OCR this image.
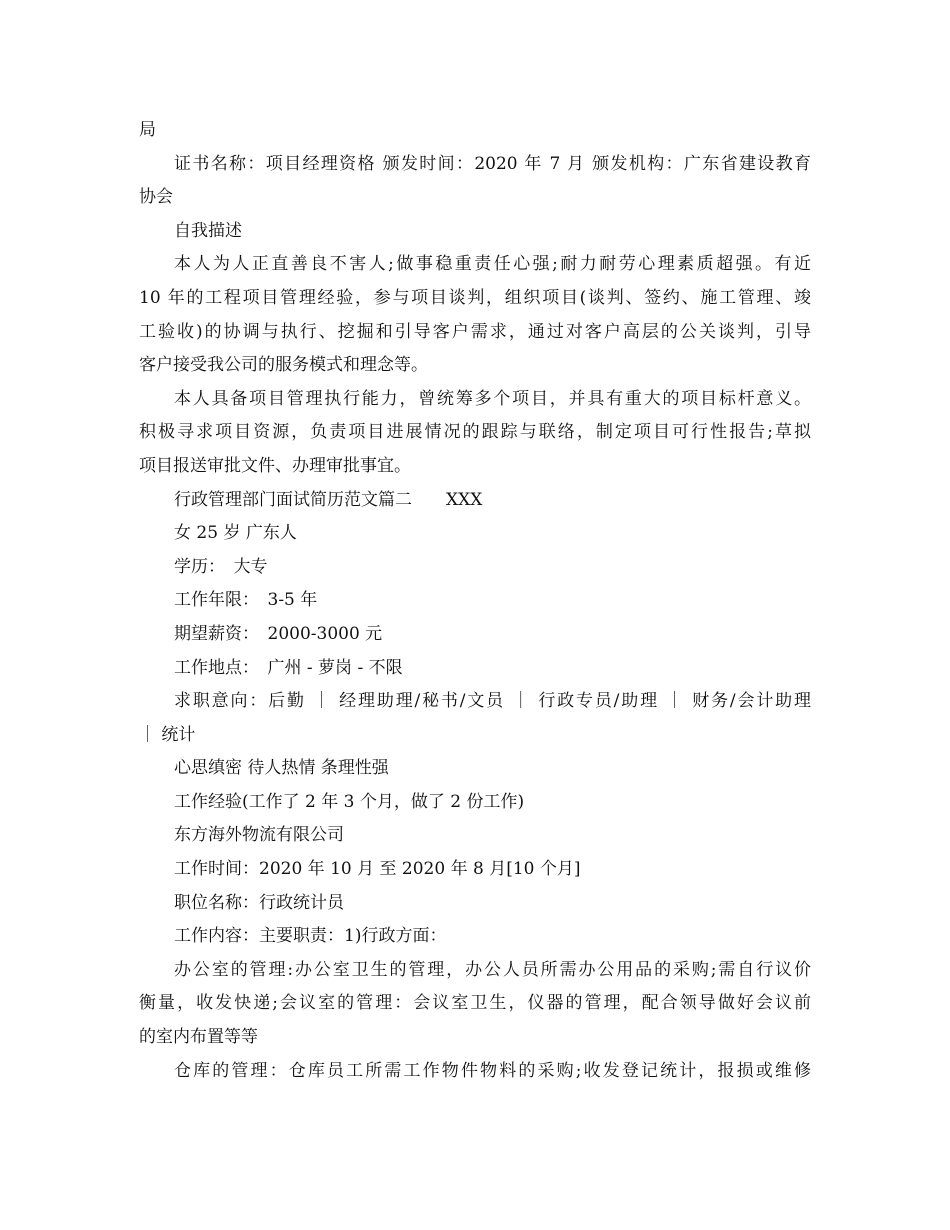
局
证书名称：项目经理资格 颁发时间：2020 年 7 月 颁发机构：广东省建设教育
协会
自我描述
本人为人正直善良不害人;做事稳重责任心强;耐力耐劳心理素质超强。有近
10 年的工程项目管理经验，参与项目谈判，组织项目(谈判、签约、施工管理、竣
工验收)的协调与执行、挖掘和引导客户需求，通过对客户高层的公关谈判，引导
客户接受我公司的服务模式和理念等。
本人具备项目管理执行能力，曾统筹多个项目，并具有重大的项目标杆意义。
积极寻求项目资源，负责项目进展情况的跟踪与联络，制定项目可行性报告;草拟
项目报送审批文件、办理审批事宜。
行政管理部门面试简历范文篇二　　XXX
女 25 岁 广东人
学历：　大专
工作年限：　3-5 年
期望薪资：　2000-3000 元
工作地点：　广州 - 萝岗 - 不限
求职意向：后勤 ｜ 经理助理/秘书/文员 ｜ 行政专员/助理 ｜ 财务/会计助理
｜ 统计
心思缜密 待人热情 条理性强
工作经验(工作了 2 年 3 个月，做了 2 份工作)
东方海外物流有限公司
工作时间：2020 年 10 月 至 2020 年 8 月[10 个月]
职位名称：行政统计员
工作内容：主要职责：1)行政方面：
办公室的管理:办公室卫生的管理，办公人员所需办公用品的采购;需自行议价
衡量，收发快递;会议室的管理：会议室卫生，仪器的管理，配合领导做好会议前
的室内布置等等
仓库的管理：仓库员工所需工作物件物料的采购;收发登记统计，报损或维修
